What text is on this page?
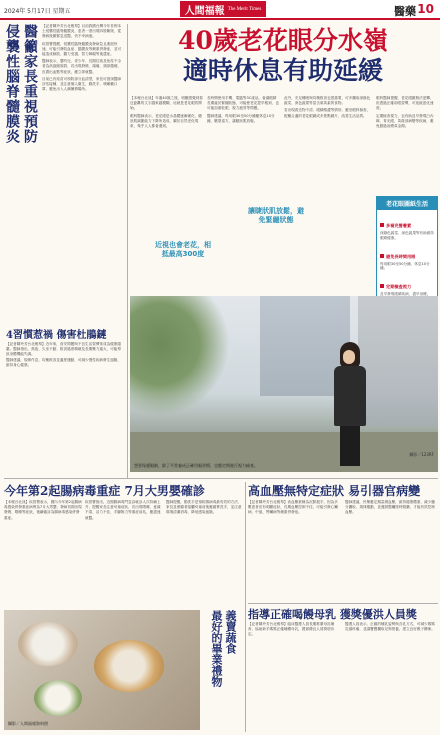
2024年 5月17日 星期五	人間福報 The Merit Times	醫藥 10
侵襲性腦脊髓膜炎 醫籲家長重視預防 【記者陳玲芳台北報導】目前我國台灣今年首例本土侵襲性腦脊髓膜炎，患者一度出現四肢紫斑，從發病後雖緊急送醫，仍不幸病逝。

疾管署提醒，侵襲性腦脊髓膜炎發病急且進展快速，可能引發敗血症、腦膜炎等嚴重併發症，並可能造成截肢、聽力受損、智力障礙等後遺症。

醫師表示，嬰幼兒、青少年、長期住宿及免疫不全者為高風險族群，若出現發燒、頭痛、頸部僵硬、皮膚出血點等症狀，應立即就醫。

目前已有疫苗可預防部分血清型，家長可諮詢醫師評估接種，並注意個人衛生，勤洗手、咳嗽戴口罩，避免出入人潮擁擠場所。

4習慣惹禍 傷害杜鵑鏈

【記者陳玲芳台北報導】近年來，食安問題與不良生活習慣常成為健康隱憂。醫師指出，熬夜、久坐不動、飲食過度精緻及長期壓力過大，可能導致身體機能失調。

醫師建議，規律作息、均衡飲食並適度運動，可減少慢性疾病發生風險，維持身心健康。

40歲老花眼分水嶺
適時休息有助延緩

【本報台北訊】年過40歲之後，明顯感覺到看近距離的文字越來越模糊，這就是老花眼的開始。

眼科醫師表示，老花眼是水晶體逐漸硬化、睫狀肌調節能力下降所造成，屬於自然老化現象，幾乎人人都會遇到。

長時間使用手機、電腦等3C產品，會讓眼睛長期處於緊繃狀態，可能使老花提早報到，也可能加重乾眼、視力疲勞等問題。

醫師建議，每用眼30至50分鐘應休息10分鐘，眺望遠方，讓睫狀肌放鬆。

此外，充足睡眠與均衡飲食也很重要，可多攝取深綠色蔬菜、深色蔬果等富含葉黃素的食物。

若出現看近物不清、眼睛酸澀等情形，應至眼科檢查，配戴合適的老花眼鏡或多焦點鏡片，改善生活品質。

眼科醫師提醒，老花眼雖無法逆轉，但透過正確用眼習慣，可延緩惡化速度。

定期檢查視力，也有助及早發現白內障、青光眼、黃斑部病變等疾病，避免錯過治療黃金期。

讓睫狀肌放鬆，避免緊繃狀態
近視也會老花，相抵最高300度
老花眼圖紙生活
多補充營養素
深綠色蔬菜、深色蔬果等有助維持眼睛健康。
避免長時間用眼
每用眼30至50分鐘，休息10分鐘。
定期檢查視力
及早發現眼睛疾病，盡早治療。
攝影／123RF
想要保護眼睛，除了平常養成正確用眼習慣，也應定期進行視力檢查。
今年第2起腸病毒重症 7月大男嬰確診
【本報台北訊】疾管署表示，國內今年第2起腸病毒感染併發重症病例為7月大男嬰，發病初期出現發燒、嗜睡等症狀，後續確診為腸病毒感染併發重症。
疾管署指出，近期腸病毒門急診就診人次持續上升，提醒家長注意幼童症狀，若出現嗜睡、意識不清、活力不佳、手腳無力等重症前兆，應盡速就醫。
醫師提醒，勤洗手是預防腸病毒最有效的方法，家長及照顧者接觸幼童前後應確實洗手，並注意環境清潔消毒，降低感染風險。
攝影／人間福報資料照
義賣蔬食
最好的畢業禮物
高血壓無特定症狀 易引器官病變
【記者陳玲芳台北報導】高血壓被稱為沉默殺手，因為多數患者沒有明顯症狀，長期血壓控制不佳，可能引發心臟病、中風、腎臟病等嚴重併發症。
醫師建議，民眾應定期量測血壓，維持健康體重、減少鹽分攝取、規律運動，並遵照醫囑按時服藥，才能有效控制血壓。
指導正確喝饅母乳 獲獎優洪人員獎
【記者陳玲芳台北報導】臨床醫護人員長期推廣母乳哺育，協助新手媽媽正確哺餵母乳，獲頒優良人員獎項肯定。
醫護人員表示，正確的哺乳姿勢與含乳方式，可減少媽媽乳頭疼痛，並讓寶寶攝取足夠營養，建立良好親子關係。
